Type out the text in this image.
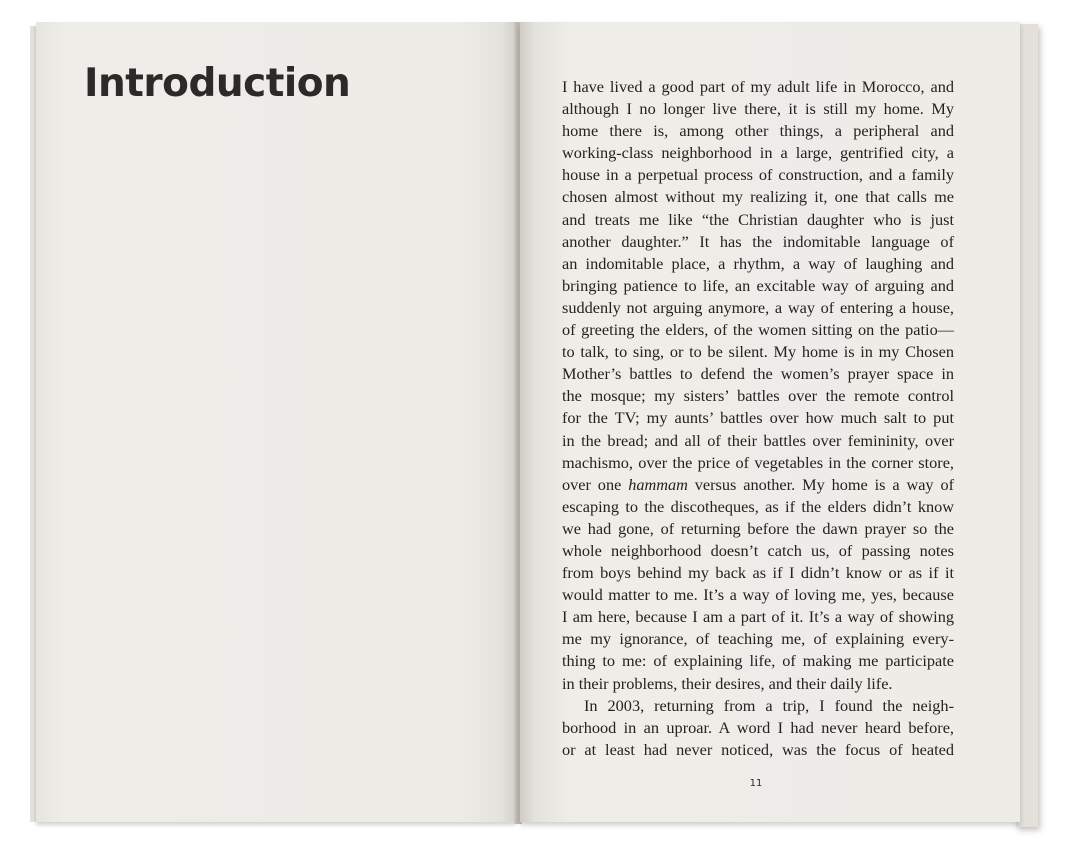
Introduction	I have lived a good part of my adult life in Morocco, and
although I no longer live there, it is still my home. My
home there is, among other things, a peripheral and
working-class neighborhood in a large, gentrified city, a
house in a perpetual process of construction, and a family
chosen almost without my realizing it, one that calls me
and treats me like “the Christian daughter who is just
another daughter.” It has the indomitable language of
an indomitable place, a rhythm, a way of laughing and
bringing patience to life, an excitable way of arguing and
suddenly not arguing anymore, a way of entering a house,
of greeting the elders, of the women sitting on the patio—
to talk, to sing, or to be silent. My home is in my Chosen
Mother’s battles to defend the women’s prayer space in
the mosque; my sisters’ battles over the remote control
for the TV; my aunts’ battles over how much salt to put
in the bread; and all of their battles over femininity, over
machismo, over the price of vegetables in the corner store,
over one hammam versus another. My home is a way of
escaping to the discotheques, as if the elders didn’t know
we had gone, of returning before the dawn prayer so the
whole neighborhood doesn’t catch us, of passing notes
from boys behind my back as if I didn’t know or as if it
would matter to me. It’s a way of loving me, yes, because
I am here, because I am a part of it. It’s a way of showing
me my ignorance, of teaching me, of explaining every-
thing to me: of explaining life, of making me participate
in their problems, their desires, and their daily life.
In 2003, returning from a trip, I found the neigh-
borhood in an uproar. A word I had never heard before,
or at least had never noticed, was the focus of heated
11
